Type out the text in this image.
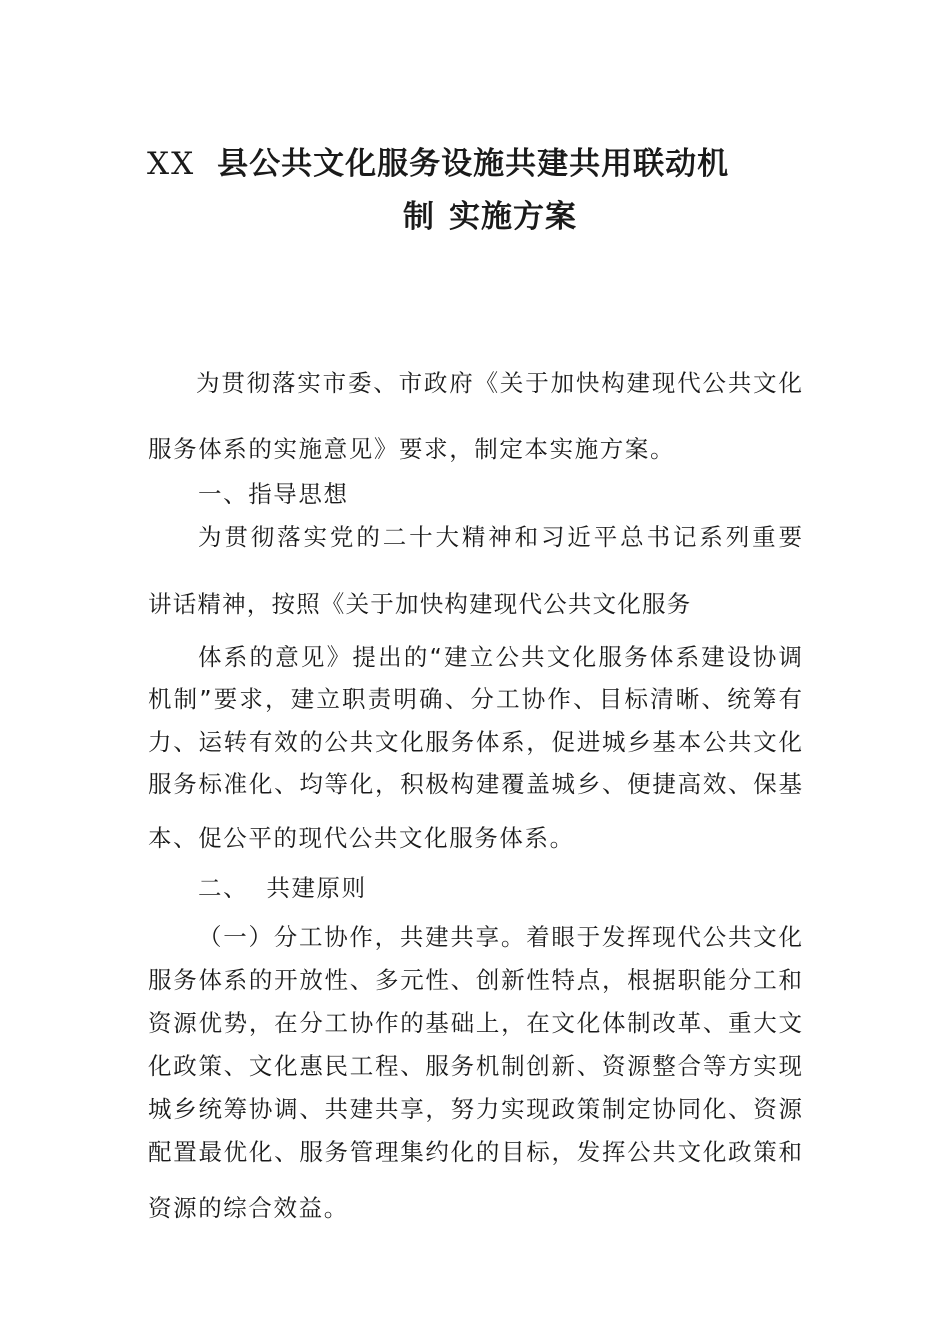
XX 县公共文化服务设施共建共用联动机
制 实施方案

为贯彻落实市委、市政府《关于加快构建现代公共文化

服务体系的实施意见》要求，制定本实施方案。

一、指导思想

为贯彻落实党的二十大精神和习近平总书记系列重要

讲话精神，按照《关于加快构建现代公共文化服务

体系的意见》提出的“建立公共文化服务体系建设协调

机制”要求，建立职责明确、分工协作、目标清晰、统筹有

力、运转有效的公共文化服务体系，促进城乡基本公共文化

服务标准化、均等化，积极构建覆盖城乡、便捷高效、保基

本、促公平的现代公共文化服务体系。

二、  共建原则

（一）分工协作，共建共享。着眼于发挥现代公共文化

服务体系的开放性、多元性、创新性特点，根据职能分工和

资源优势，在分工协作的基础上，在文化体制改革、重大文

化政策、文化惠民工程、服务机制创新、资源整合等方实现

城乡统筹协调、共建共享，努力实现政策制定协同化、资源

配置最优化、服务管理集约化的目标，发挥公共文化政策和

资源的综合效益。
